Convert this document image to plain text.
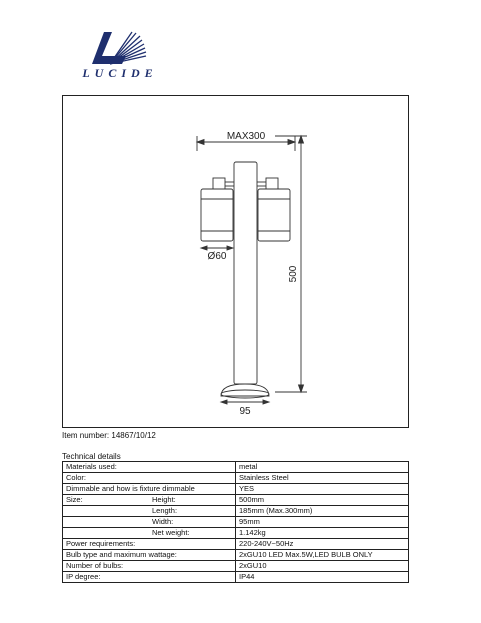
LUCIDE
MAX300
Ø60
500
95
Item number: 14867/10/12
Technical details
Materials used:	metal
Color:	Stainless Steel
Dimmable and how is fixture dimmable	YES
Size: Height:	500mm
Length:	185mm (Max.300mm)
Width:	95mm
Net weight:	1.142kg
Power requirements:	220-240V~50Hz
Bulb type and maximum wattage:	2xGU10 LED Max.5W,LED BULB ONLY
Number of bulbs:	2xGU10
IP degree:	IP44
